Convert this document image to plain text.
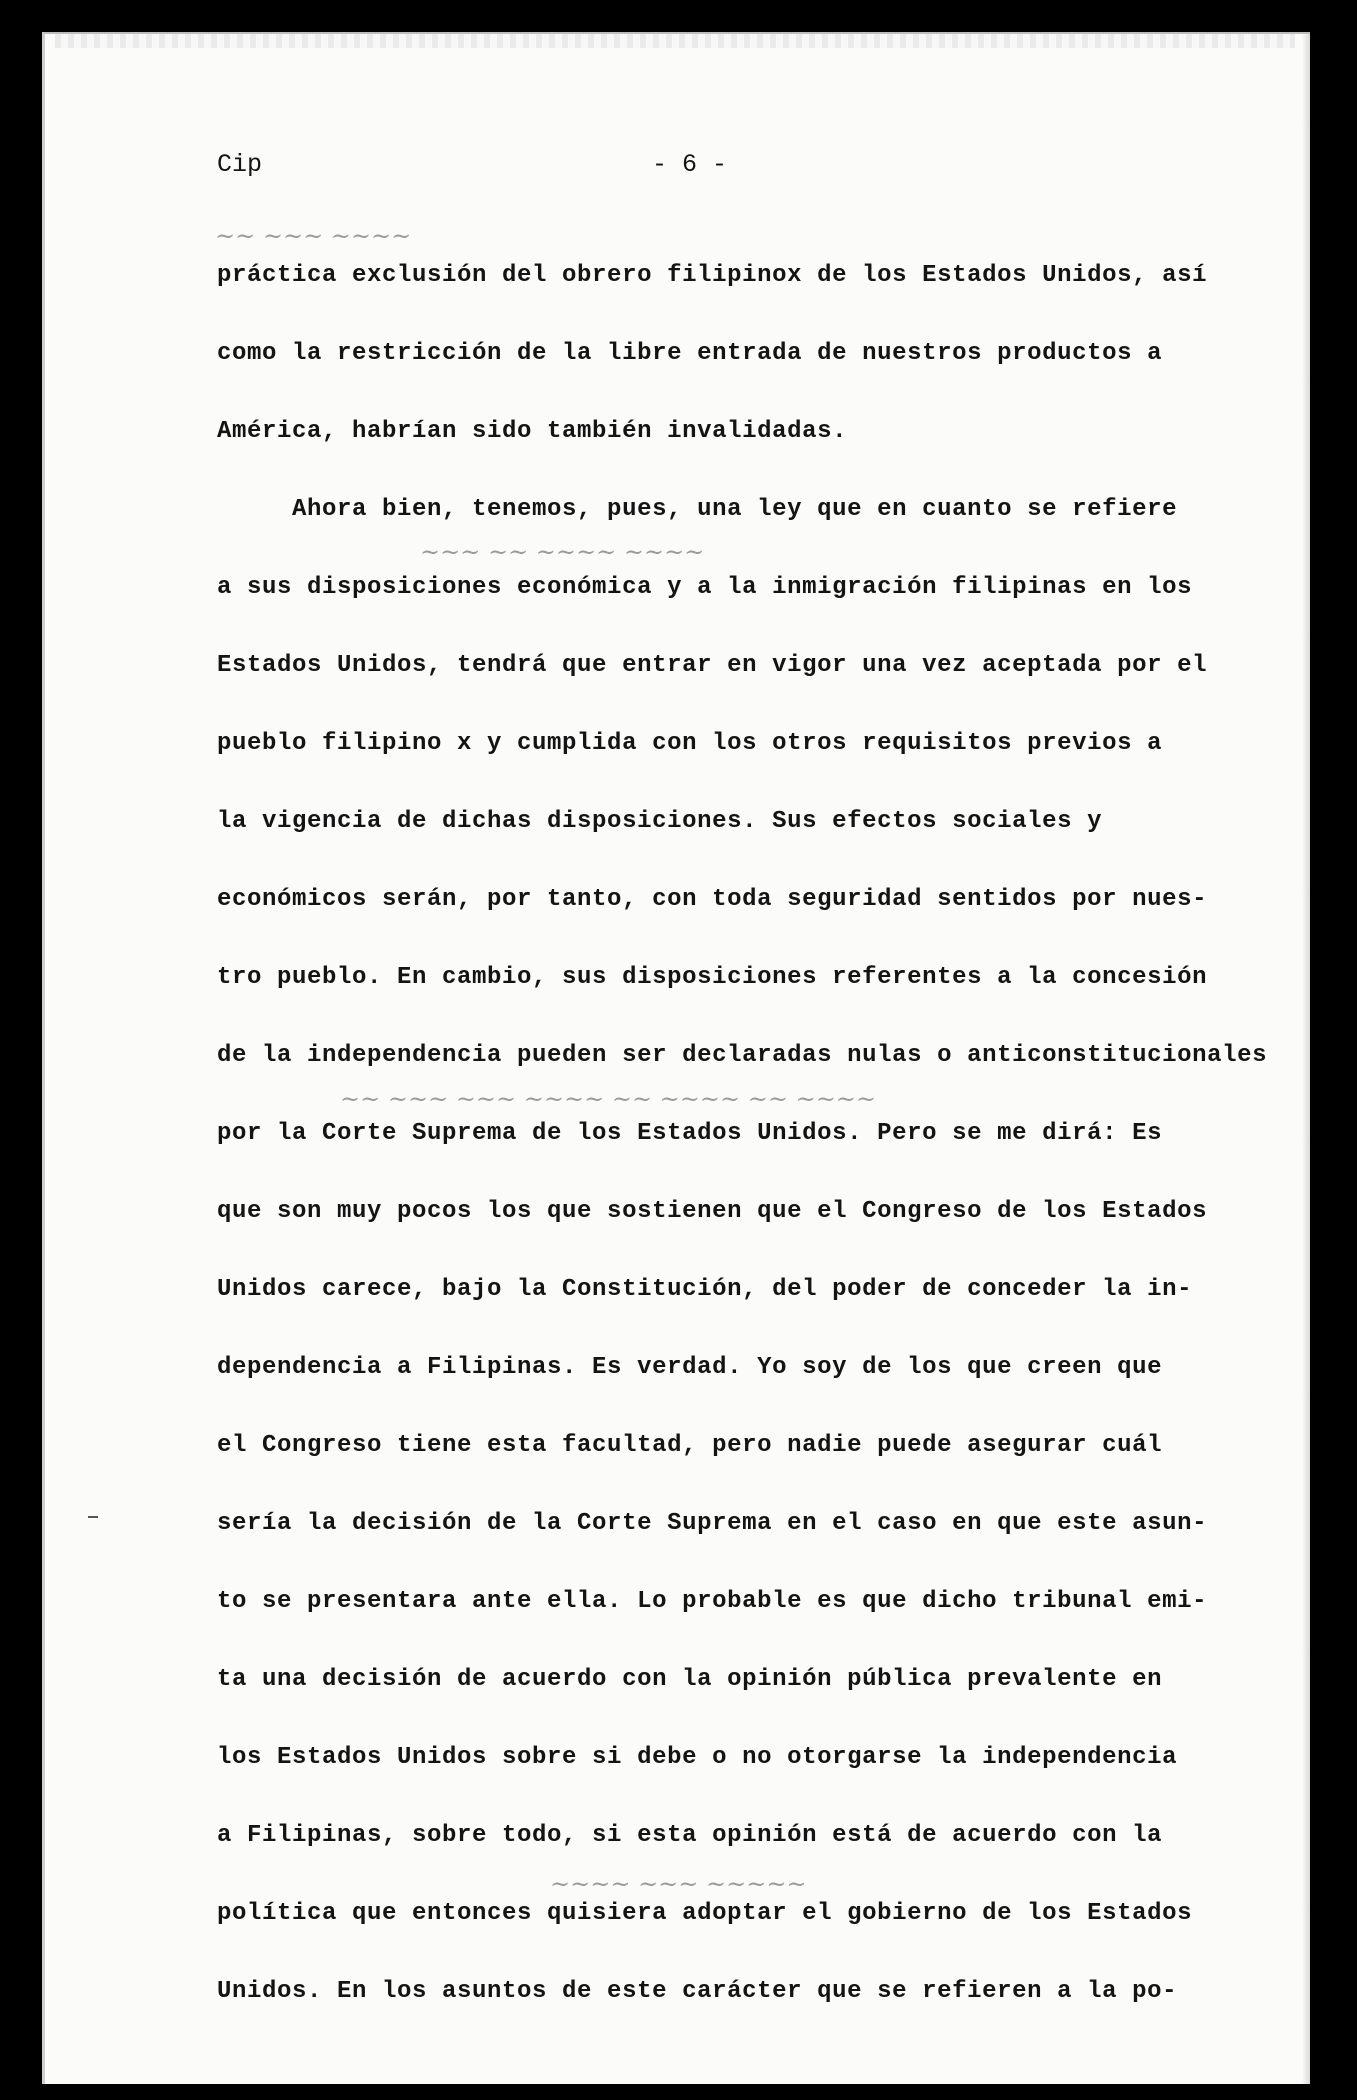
Cip	- 6 -
~~ ~~~ ~~~~
~~~ ~~ ~~~~ ~~~~
~~ ~~~ ~~~ ~~~~ ~~ ~~~~ ~~ ~~~~
~~~~ ~~~ ~~~~~
práctica exclusión del obrero filipinox de los Estados Unidos, así
como la restricción de la libre entrada de nuestros productos a
América, habrían sido también invalidadas.
Ahora bien, tenemos, pues, una ley que en cuanto se refiere
a sus disposiciones económica y a la inmigración filipinas en los
Estados Unidos, tendrá que entrar en vigor una vez aceptada por el
pueblo filipino x y cumplida con los otros requisitos previos a
la vigencia de dichas disposiciones. Sus efectos sociales y
económicos serán, por tanto, con toda seguridad sentidos por nues-
tro pueblo. En cambio, sus disposiciones referentes a la concesión
de la independencia pueden ser declaradas nulas o anticonstitucionales
por la Corte Suprema de los Estados Unidos. Pero se me dirá: Es
que son muy pocos los que sostienen que el Congreso de los Estados
Unidos carece, bajo la Constitución, del poder de conceder la in-
dependencia a Filipinas. Es verdad. Yo soy de los que creen que
el Congreso tiene esta facultad, pero nadie puede asegurar cuál
sería la decisión de la Corte Suprema en el caso en que este asun-
to se presentara ante ella. Lo probable es que dicho tribunal emi-
ta una decisión de acuerdo con la opinión pública prevalente en
los Estados Unidos sobre si debe o no otorgarse la independencia
a Filipinas, sobre todo, si esta opinión está de acuerdo con la
política que entonces quisiera adoptar el gobierno de los Estados
Unidos. En los asuntos de este carácter que se refieren a la po-
